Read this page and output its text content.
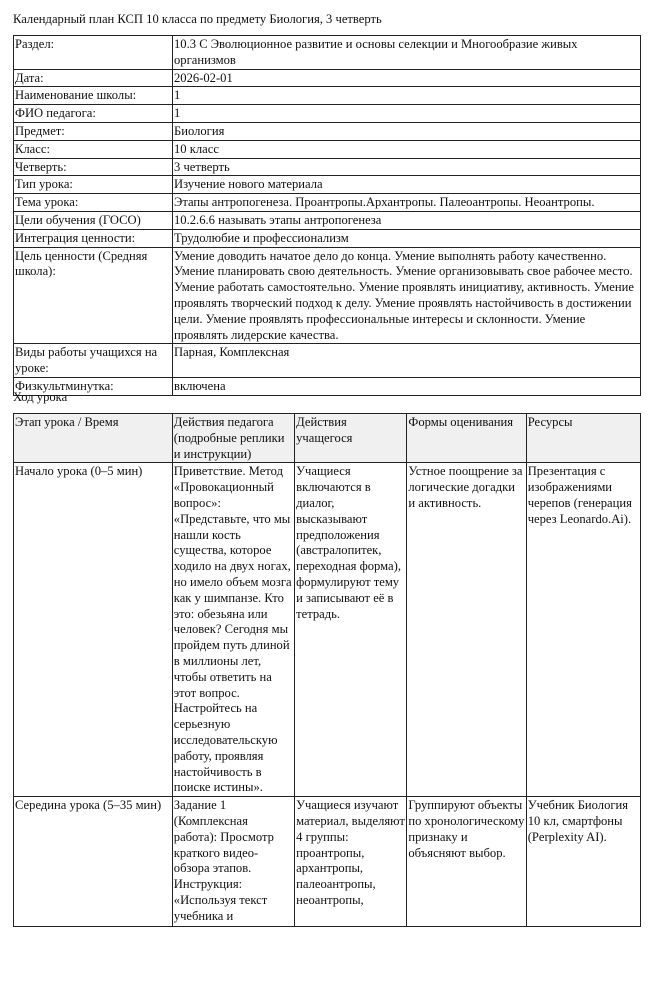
Календарный план КСП 10 класса по предмету Биология, 3 четверть
Раздел:	10.3 С Эволюционное развитие и основы селекции и Многообразие живых организмов
Дата:	2026-02-01
Наименование школы:	1
ФИО педагога:	1
Предмет:	Биология
Класс:	10 класс
Четверть:	3 четверть
Тип урока:	Изучение нового материала
Тема урока:	Этапы антропогенеза. Проантропы.Архантропы. Палеоантропы. Неоантропы.
Цели обучения (ГОСО)	10.2.6.6 называть этапы антропогенеза
Интеграция ценности:	Трудолюбие и профессионализм
Цель ценности (Средняя школа):	Умение доводить начатое дело до конца. Умение выполнять работу качественно. Умение планировать свою деятельность. Умение организовывать свое рабочее место. Умение работать самостоятельно. Умение проявлять инициативу, активность. Умение проявлять творческий подход к делу. Умение проявлять настойчивость в достижении цели. Умение проявлять профессиональные интересы и склонности. Умение проявлять лидерские качества.
Виды работы учащихся на уроке:	Парная, Комплексная
Физкультминутка:	включена
Ход урока
Этап урока / Время	Действия педагога (подробные реплики и инструкции)	Действия учащегося	Формы оценивания	Ресурсы
Начало урока (0–5 мин)	Приветствие. Метод «Провокационный вопрос»: «Представьте, что мы нашли кость существа, которое ходило на двух ногах, но имело объем мозга как у шимпанзе. Кто это: обезьяна или человек? Сегодня мы пройдем путь длиной в миллионы лет, чтобы ответить на этот вопрос. Настройтесь на серьезную исследовательскую работу, проявляя настойчивость в поиске истины».	Учащиеся включаются в диалог, высказывают предположения (австралопитек, переходная форма), формулируют тему и записывают её в тетрадь.	Устное поощрение за логические догадки и активность.	Презентация с изображениями черепов (генерация через Leonardo.Ai).
Середина урока (5–35 мин)	Задание 1 (Комплексная работа): Просмотр краткого видео-обзора этапов. Инструкция: «Используя текст учебника и	Учащиеся изучают материал, выделяют 4 группы: проантропы, архантропы, палеоантропы, неоантропы,	Группируют объекты по хронологическому признаку и объясняют выбор.	Учебник Биология 10 кл, смартфоны (Perplexity AI).
